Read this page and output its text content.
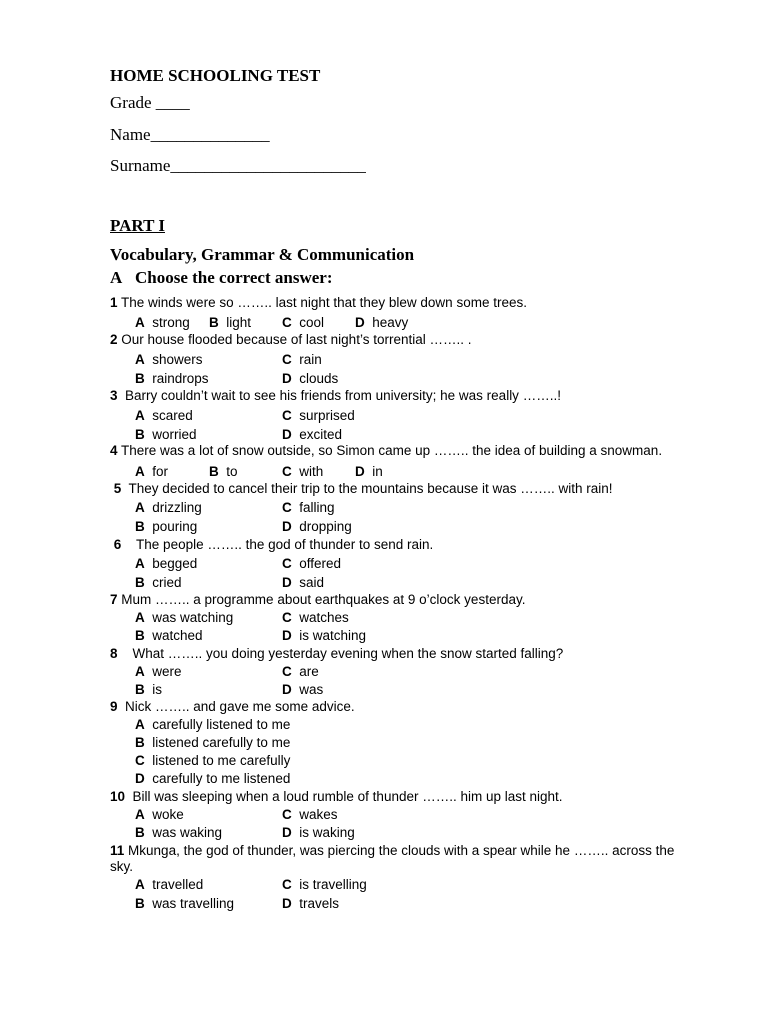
HOME SCHOOLING TEST
Grade ____
Name______________
Surname_______________________
PART I
Vocabulary, Grammar & Communication
A Choose the correct answer:
1 The winds were so …….. last night that they blew down some trees.
A strong B light C cool D heavy
2 Our house flooded because of last night’s torrential …….. .
A showers	C rain
B raindrops	D clouds
3 Barry couldn’t wait to see his friends from university; he was really ……..!
A scared	C surprised
B worried	D excited
4 There was a lot of snow outside, so Simon came up …….. the idea of building a snowman.
A for	B to	C with D in
5 They decided to cancel their trip to the mountains because it was …….. with rain!
A drizzling	C falling
B pouring	D dropping
6 The people …….. the god of thunder to send rain.
A begged	C offered
B cried	D said
7 Mum …….. a programme about earthquakes at 9 o’clock yesterday.
A was watching	C watches
B watched	D is watching
8 What …….. you doing yesterday evening when the snow started falling?
A were	C are
B is	D was
9 Nick …….. and gave me some advice.
A carefully listened to me
B listened carefully to me
C listened to me carefully
D carefully to me listened
10 Bill was sleeping when a loud rumble of thunder …….. him up last night.
A woke	C wakes
B was waking	D is waking
11 Mkunga, the god of thunder, was piercing the clouds with a spear while he …….. across the
sky.
A travelled	C is travelling
B was travelling	D travels
